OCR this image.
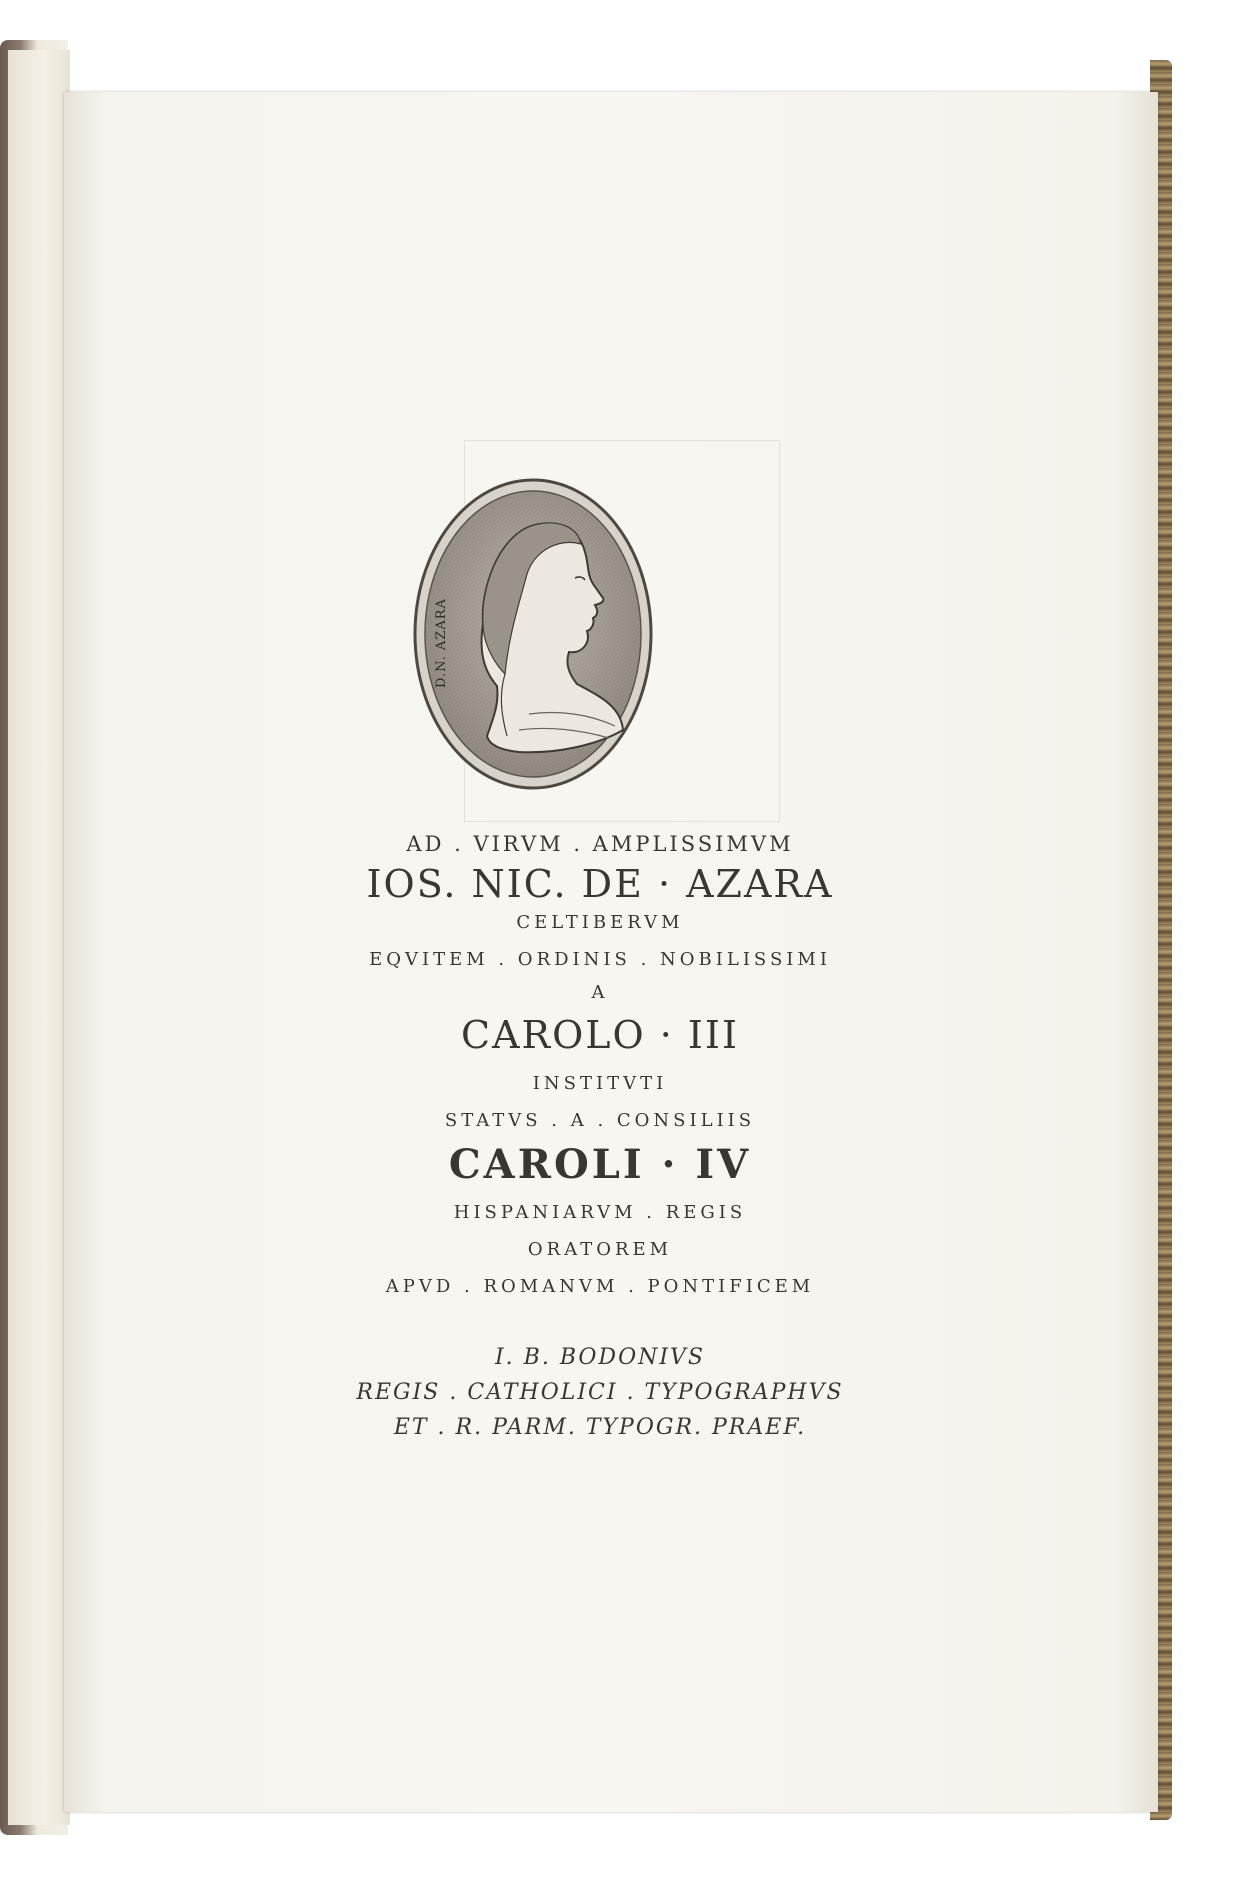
D.N. AZARA

AD . VIRVM . AMPLISSIMVM

IOS. NIC. DE · AZARA

CELTIBERVM

EQVITEM . ORDINIS . NOBILISSIMI

A

CAROLO · III

INSTITVTI

STATVS . A . CONSILIIS

CAROLI · IV

HISPANIARVM . REGIS

ORATOREM

APVD . ROMANVM . PONTIFICEM

I. B. BODONIVS

REGIS . CATHOLICI . TYPOGRAPHVS

ET . R. PARM. TYPOGR. PRAEF.
